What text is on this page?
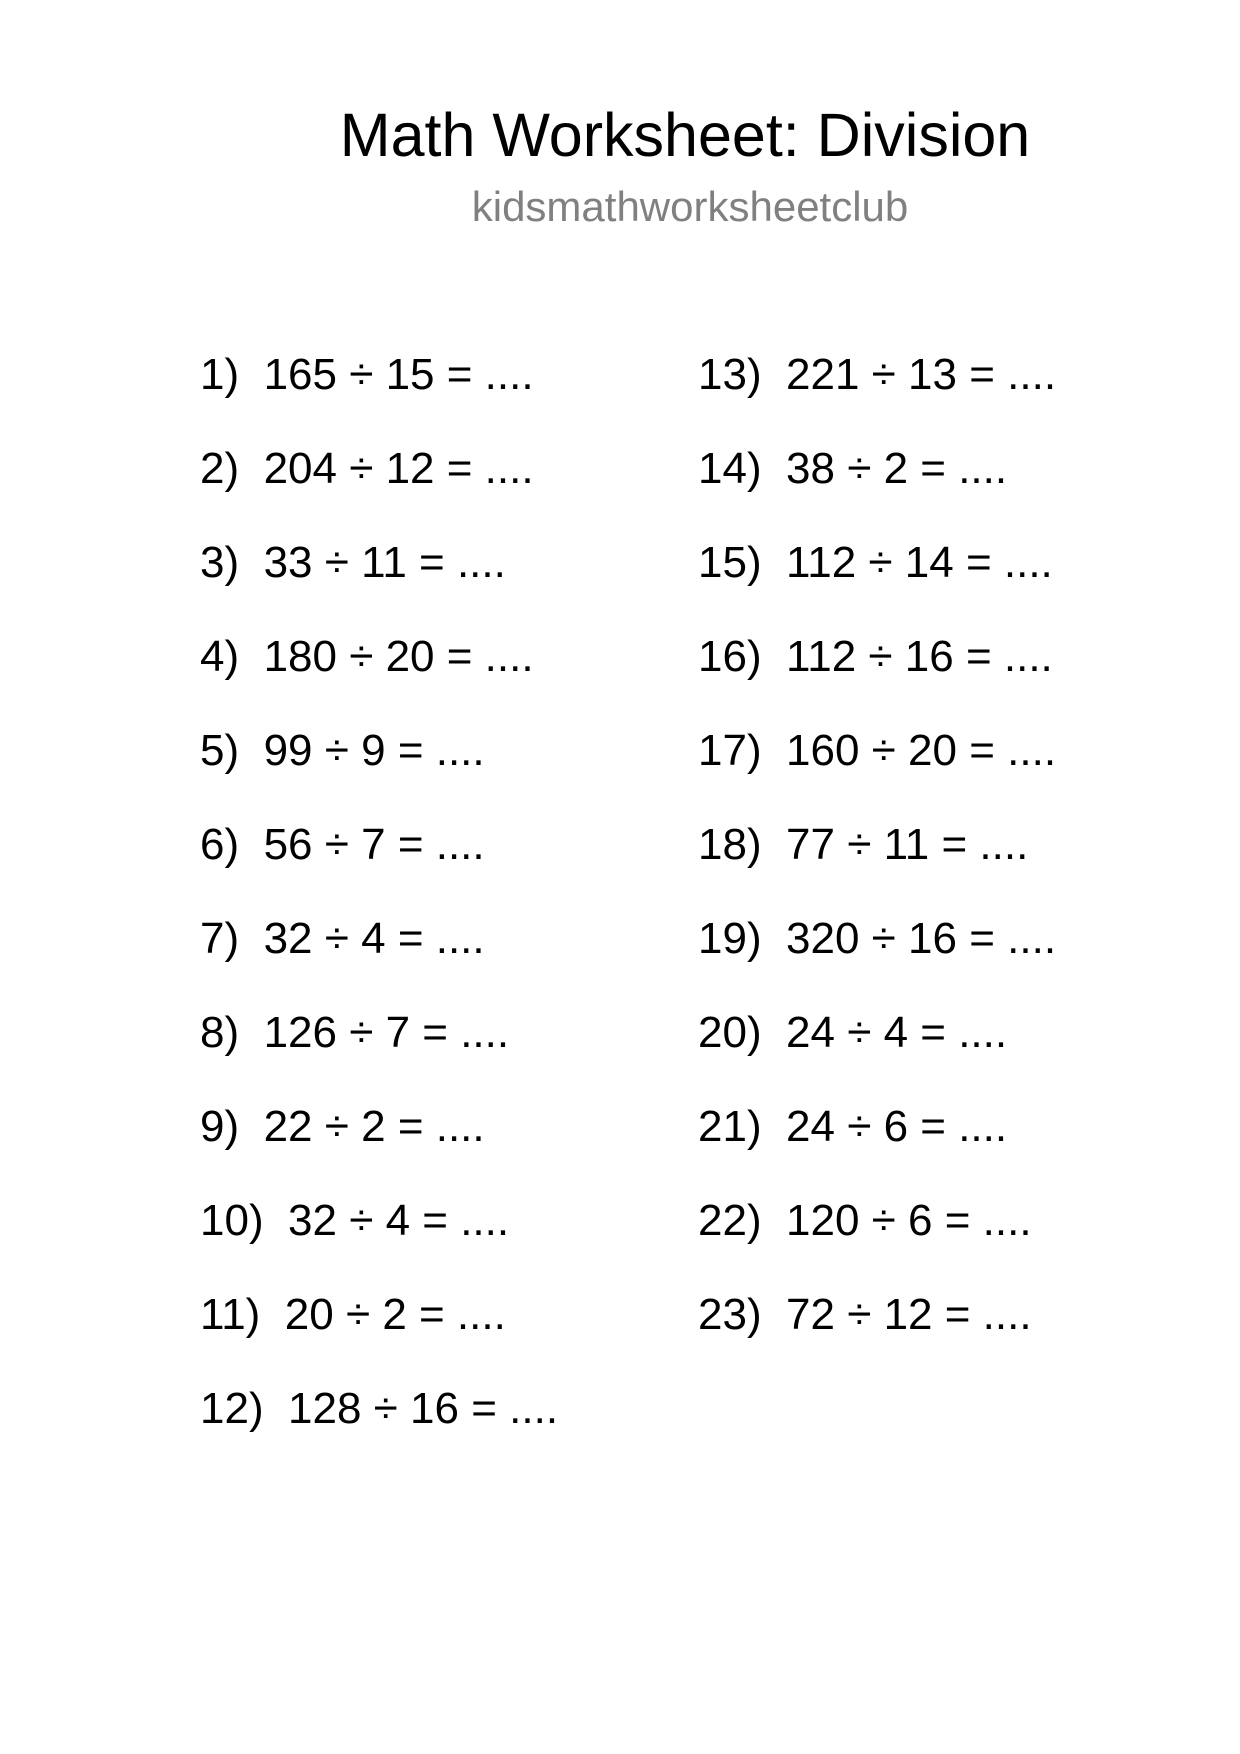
Math Worksheet: Division
kidsmathworksheetclub
1) 165 ÷ 15 = ....
2) 204 ÷ 12 = ....
3) 33 ÷ 11 = ....
4) 180 ÷ 20 = ....
5) 99 ÷ 9 = ....
6) 56 ÷ 7 = ....
7) 32 ÷ 4 = ....
8) 126 ÷ 7 = ....
9) 22 ÷ 2 = ....
10) 32 ÷ 4 = ....
11) 20 ÷ 2 = ....
12) 128 ÷ 16 = ....
13) 221 ÷ 13 = ....
14) 38 ÷ 2 = ....
15) 112 ÷ 14 = ....
16) 112 ÷ 16 = ....
17) 160 ÷ 20 = ....
18) 77 ÷ 11 = ....
19) 320 ÷ 16 = ....
20) 24 ÷ 4 = ....
21) 24 ÷ 6 = ....
22) 120 ÷ 6 = ....
23) 72 ÷ 12 = ....
